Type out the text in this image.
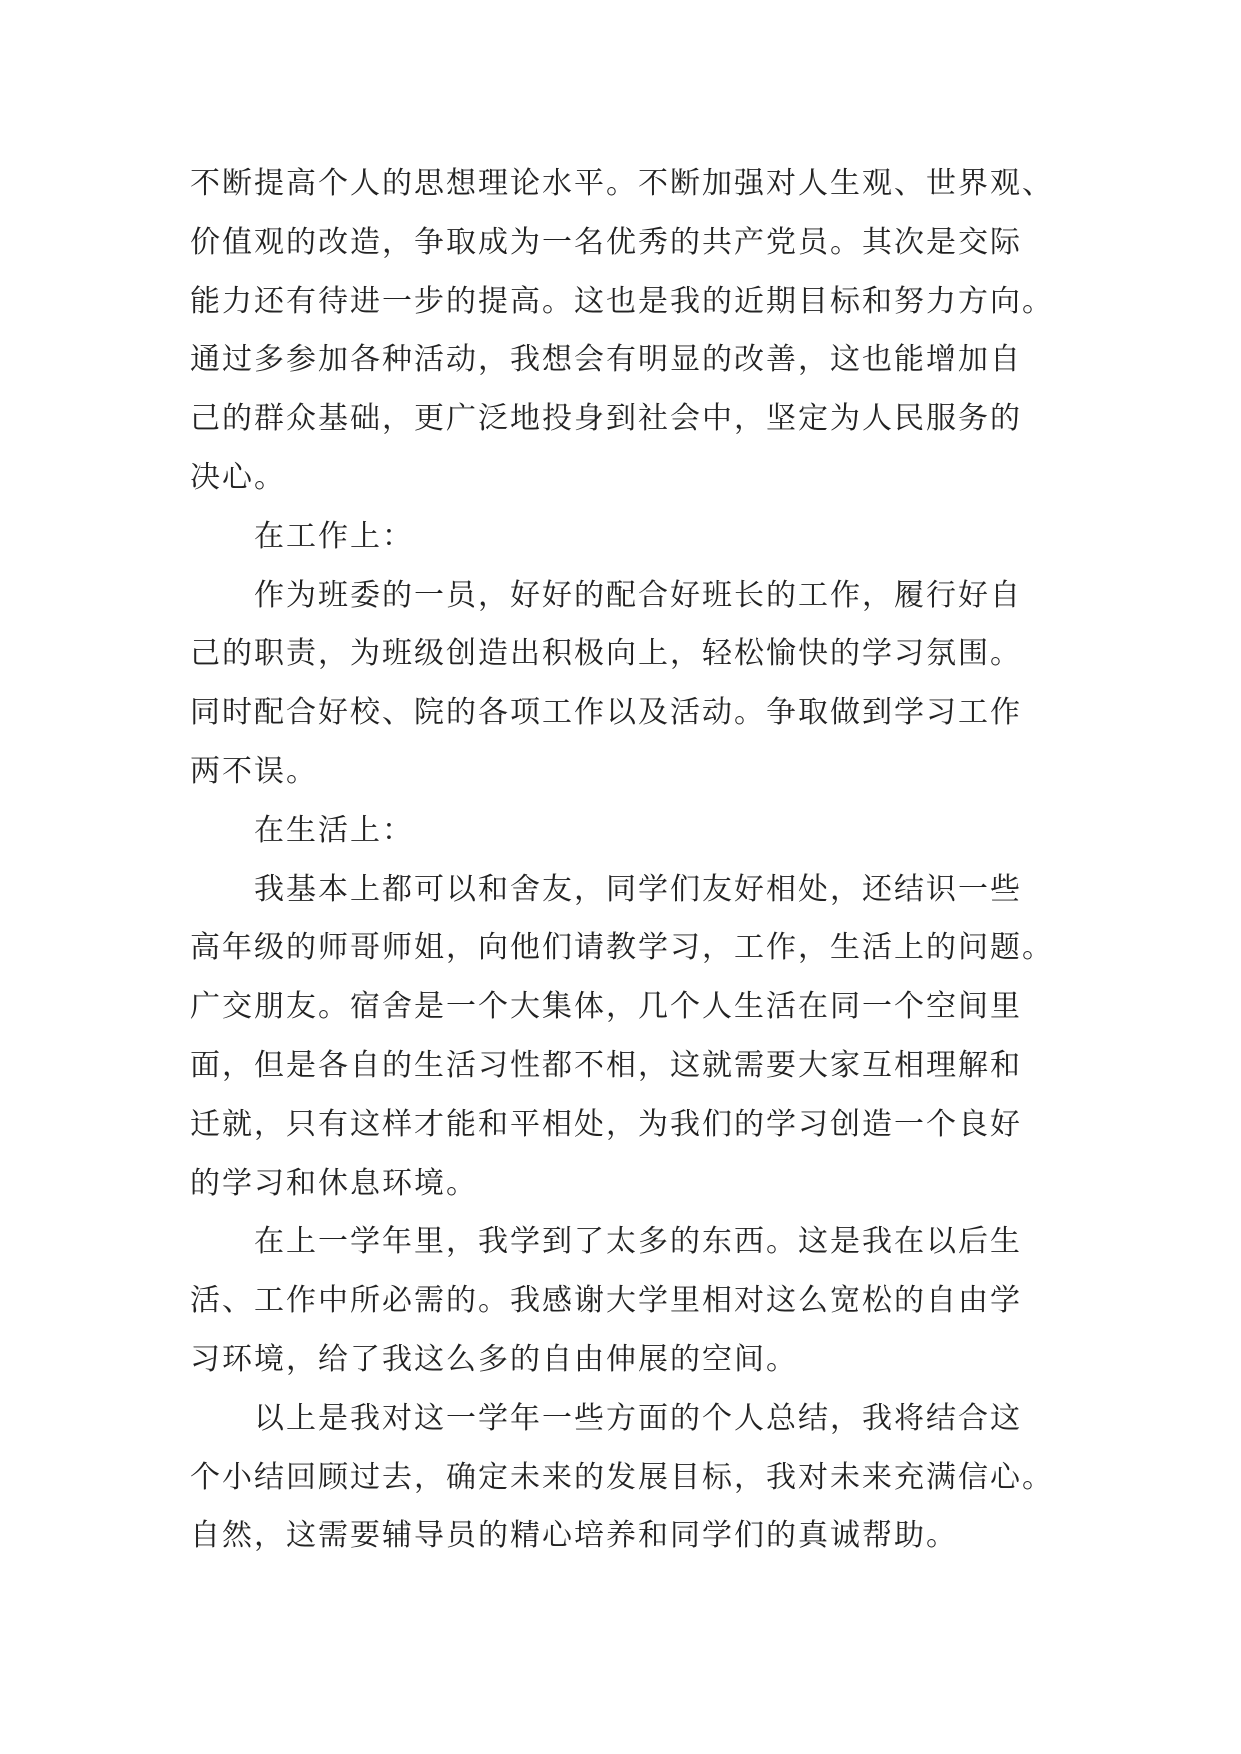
不断提高个人的思想理论水平。不断加强对人生观、世界观、
价值观的改造，争取成为一名优秀的共产党员。其次是交际
能力还有待进一步的提高。这也是我的近期目标和努力方向。
通过多参加各种活动，我想会有明显的改善，这也能增加自
己的群众基础，更广泛地投身到社会中，坚定为人民服务的
决心。
在工作上：
作为班委的一员，好好的配合好班长的工作，履行好自
己的职责，为班级创造出积极向上，轻松愉快的学习氛围。
同时配合好校、院的各项工作以及活动。争取做到学习工作
两不误。
在生活上：
我基本上都可以和舍友，同学们友好相处，还结识一些
高年级的师哥师姐，向他们请教学习，工作，生活上的问题。
广交朋友。宿舍是一个大集体，几个人生活在同一个空间里
面，但是各自的生活习性都不相，这就需要大家互相理解和
迁就，只有这样才能和平相处，为我们的学习创造一个良好
的学习和休息环境。
在上一学年里，我学到了太多的东西。这是我在以后生
活、工作中所必需的。我感谢大学里相对这么宽松的自由学
习环境，给了我这么多的自由伸展的空间。
以上是我对这一学年一些方面的个人总结，我将结合这
个小结回顾过去，确定未来的发展目标，我对未来充满信心。
自然，这需要辅导员的精心培养和同学们的真诚帮助。
